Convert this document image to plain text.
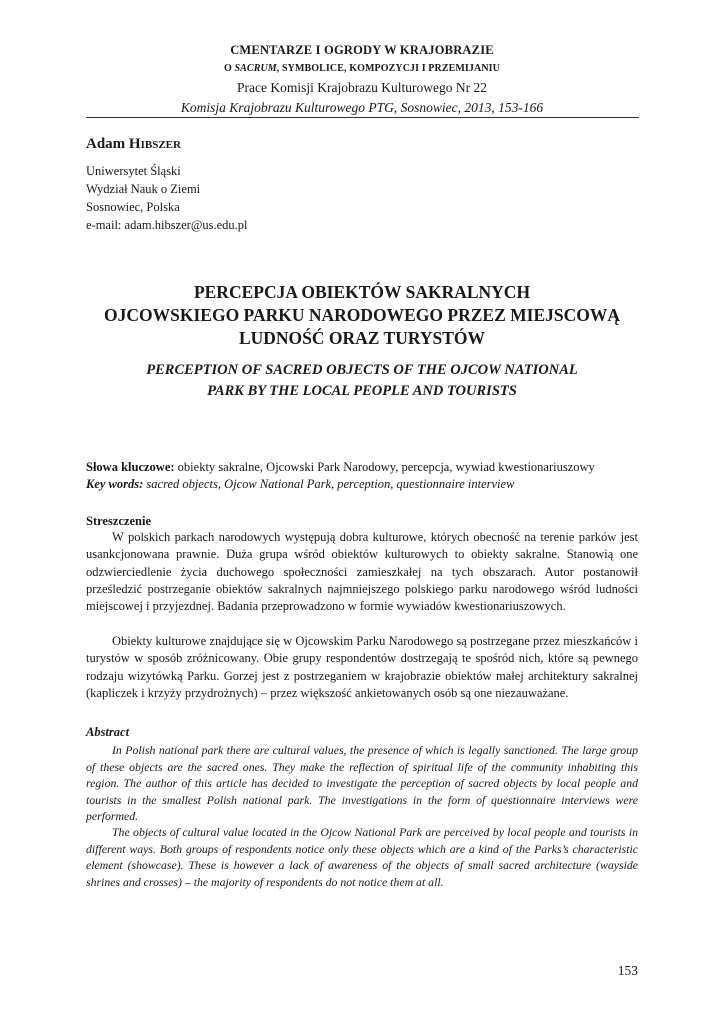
CMENTARZE I OGRODY W KRAJOBRAZIE
O SACRUM, SYMBOLICE, KOMPOZYCJI I PRZEMIJANIU
Prace Komisji Krajobrazu Kulturowego Nr 22
Komisja Krajobrazu Kulturowego PTG, Sosnowiec, 2013, 153-166
Adam Hibszer
Uniwersytet Śląski
Wydział Nauk o Ziemi
Sosnowiec, Polska
e-mail: adam.hibszer@us.edu.pl
PERCEPCJA OBIEKTÓW SAKRALNYCH
OJCOWSKIEGO PARKU NARODOWEGO PRZEZ MIEJSCOWĄ
LUDNOŚĆ ORAZ TURYSTÓW
PERCEPTION OF SACRED OBJECTS OF THE OJCOW NATIONAL
PARK BY THE LOCAL PEOPLE AND TOURISTS
Słowa kluczowe: obiekty sakralne, Ojcowski Park Narodowy, percepcja, wywiad kwestionariuszowy
Key words: sacred objects, Ojcow National Park, perception, questionnaire interview
Streszczenie
W polskich parkach narodowych występują dobra kulturowe, których obecność na terenie parków jest usankcjonowana prawnie. Duża grupa wśród obiektów kulturowych to obiekty sakralne. Stanowią one odzwierciedlenie życia duchowego społeczności zamieszkałej na tych obszarach. Autor postanowił prześledzić postrzeganie obiektów sakralnych najmniejszego polskiego parku narodowego wśród ludności miejscowej i przyjezdnej. Badania przeprowadzono w formie wywiadów kwestionariuszowych.
Obiekty kulturowe znajdujące się w Ojcowskim Parku Narodowego są postrzegane przez mieszkańców i turystów w sposób zróżnicowany. Obie grupy respondentów dostrzegają te spośród nich, które są pewnego rodzaju wizytówką Parku. Gorzej jest z postrzeganiem w krajobrazie obiektów małej architektury sakralnej (kapliczek i krzyży przydrożnych) – przez większość ankietowanych osób są one niezauważane.
Abstract
In Polish national park there are cultural values, the presence of which is legally sanctioned. The large group of these objects are the sacred ones. They make the reflection of spiritual life of the community inhabiting this region. The author of this article has decided to investigate the perception of sacred objects by local people and tourists in the smallest Polish national park. The investigations in the form of questionnaire interviews were performed.
The objects of cultural value located in the Ojcow National Park are perceived by local people and tourists in different ways. Both groups of respondents notice only these objects which are a kind of the Parks’s characteristic element (showcase). These is however a lack of awareness of the objects of small sacred architecture (wayside shrines and crosses) – the majority of respondents do not notice them at all.
153
